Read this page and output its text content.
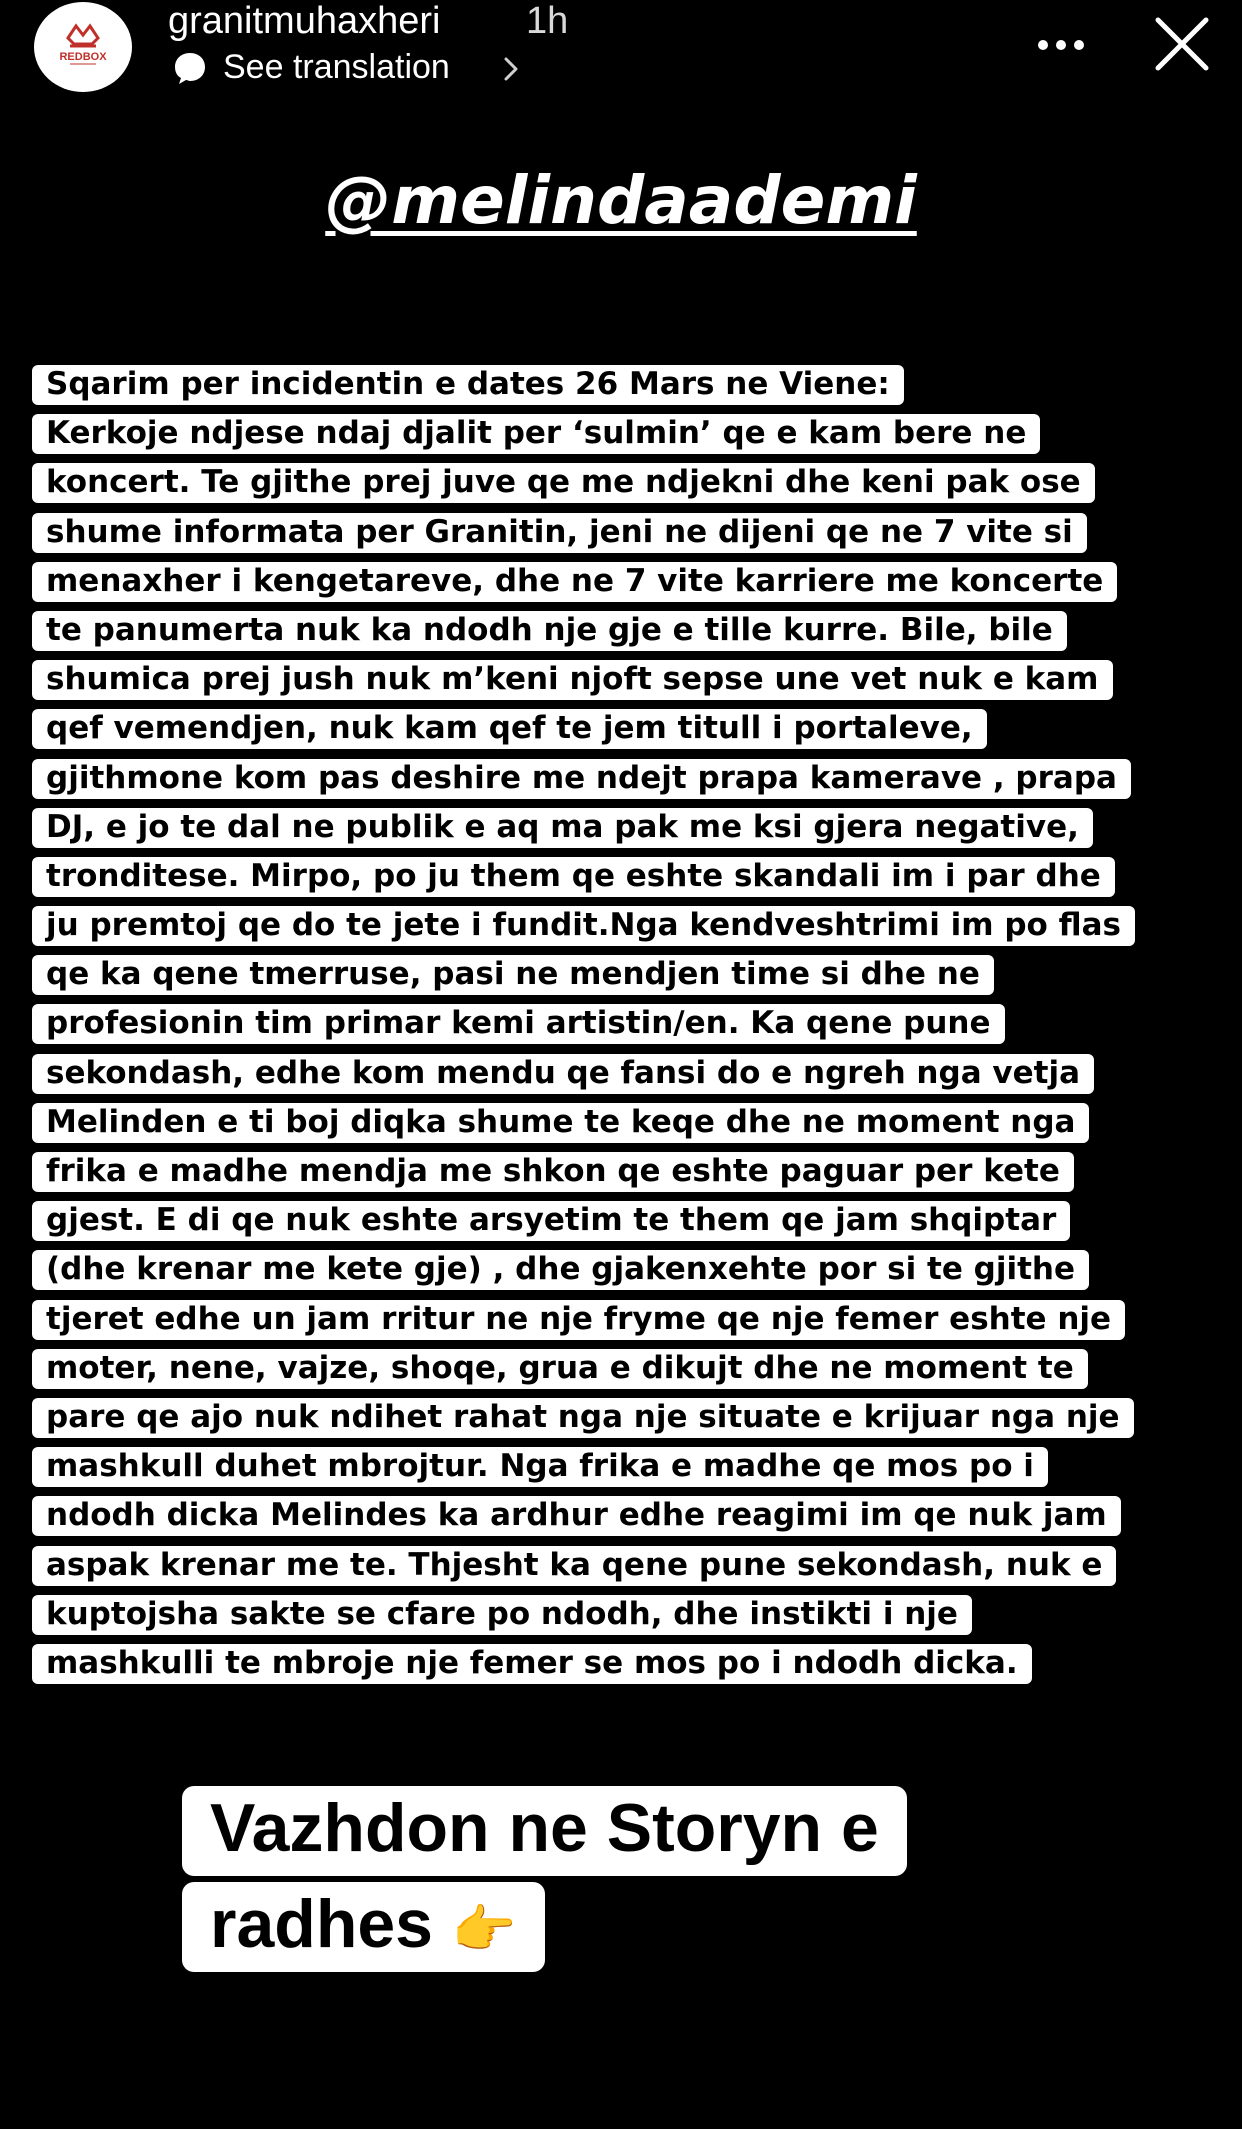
REDBOX
granitmuhaxheri 1h
See translation
@melindaademi
Sqarim per incidentin e dates 26 Mars ne Viene:
Kerkoje ndjese ndaj djalit per ‘sulmin’ qe e kam bere ne
koncert. Te gjithe prej juve qe me ndjekni dhe keni pak ose
shume informata per Granitin, jeni ne dijeni qe ne 7 vite si
menaxher i kengetareve, dhe ne 7 vite karriere me koncerte
te panumerta nuk ka ndodh nje gje e tille kurre. Bile, bile
shumica prej jush nuk m’keni njoft sepse une vet nuk e kam
qef vemendjen, nuk kam qef te jem titull i portaleve,
gjithmone kom pas deshire me ndejt prapa kamerave , prapa
DJ, e jo te dal ne publik e aq ma pak me ksi gjera negative,
tronditese. Mirpo, po ju them qe eshte skandali im i par dhe
ju premtoj qe do te jete i fundit.Nga kendveshtrimi im po flas
qe ka qene tmerruse, pasi ne mendjen time si dhe ne
profesionin tim primar kemi artistin/en. Ka qene pune
sekondash, edhe kom mendu qe fansi do e ngreh nga vetja
Melinden e ti boj diqka shume te keqe dhe ne moment nga
frika e madhe mendja me shkon qe eshte paguar per kete
gjest. E di qe nuk eshte arsyetim te them qe jam shqiptar
(dhe krenar me kete gje) , dhe gjakenxehte por si te gjithe
tjeret edhe un jam rritur ne nje fryme qe nje femer eshte nje
moter, nene, vajze, shoqe, grua e dikujt dhe ne moment te
pare qe ajo nuk ndihet rahat nga nje situate e krijuar nga nje
mashkull duhet mbrojtur. Nga frika e madhe qe mos po i
ndodh dicka Melindes ka ardhur edhe reagimi im qe nuk jam
aspak krenar me te. Thjesht ka qene pune sekondash, nuk e
kuptojsha sakte se cfare po ndodh, dhe instikti i nje
mashkulli te mbroje nje femer se mos po i ndodh dicka.
Vazhdon ne Storyn e
radhes 👉
